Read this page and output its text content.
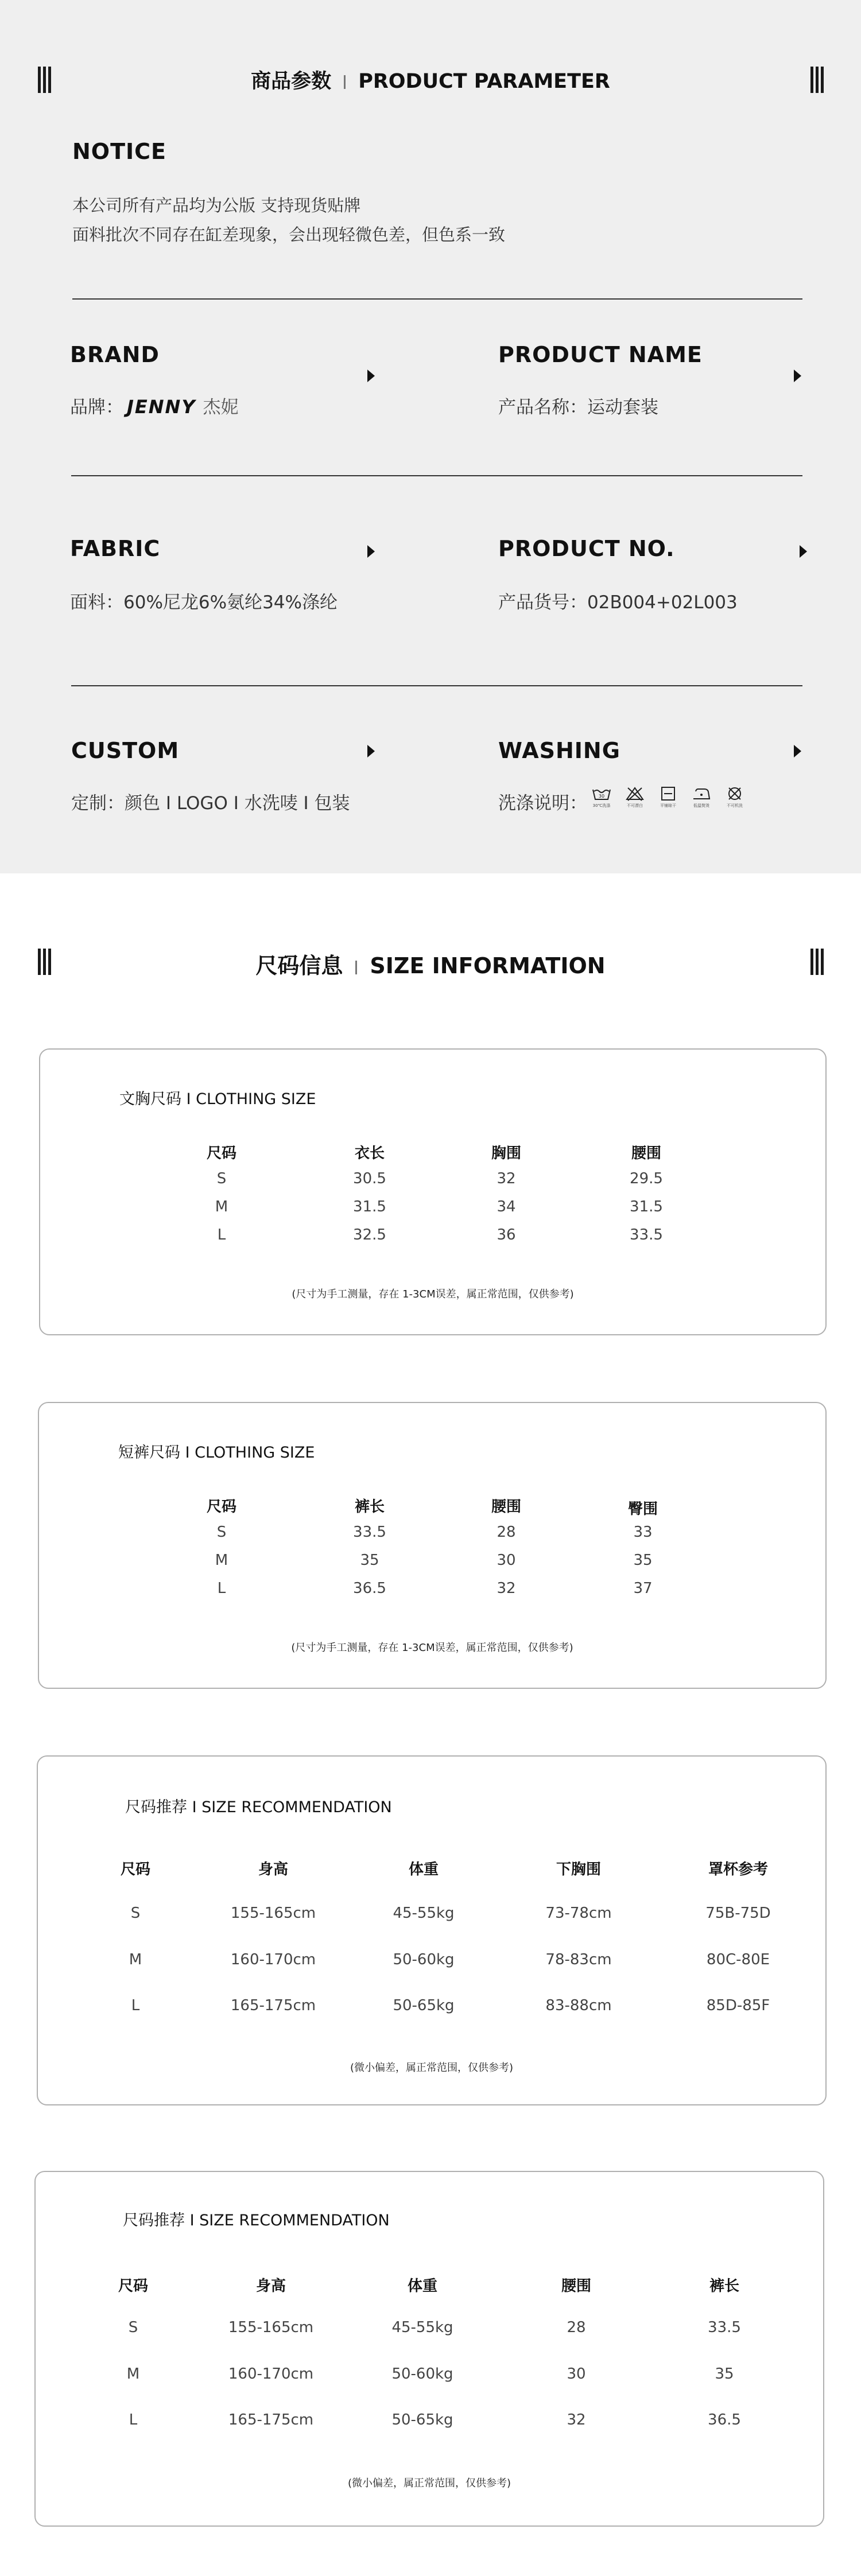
商品参数 PRODUCT PARAMETER
NOTICE
本公司所有产品均为公版 支持现货贴牌
面料批次不同存在缸差现象，会出现轻微色差，但色系一致
BRAND
品牌： JENNY 杰妮
PRODUCT NAME
产品名称：运动套装
FABRIC
面料：60%尼龙6%氨纶34%涤纶
PRODUCT NO.
产品货号：02B004+02L003
CUSTOM
定制：颜色 I LOGO I 水洗唛 I 包装
WASHING
洗涤说明： 30
30℃洗涤	不可漂白	平铺晾干	低温熨烫	不可机洗
尺码信息 SIZE INFORMATION
文胸尺码 I CLOTHING SIZE
尺码	衣长	胸围	腰围
S	30.5	32	29.5
M	31.5	34	31.5
L	32.5	36	33.5
(尺寸为手工测量，存在 1-3CM误差，属正常范围，仅供参考)
短裤尺码 I CLOTHING SIZE
尺码	裤长	腰围	臀围
S	33.5	28	33
M	35	30	35
L	36.5	32	37
(尺寸为手工测量，存在 1-3CM误差，属正常范围，仅供参考)
尺码推荐 I SIZE RECOMMENDATION
尺码	身高	体重	下胸围	罩杯参考
S	155-165cm	45-55kg	73-78cm	75B-75D
M	160-170cm	50-60kg	78-83cm	80C-80E
L	165-175cm	50-65kg	83-88cm	85D-85F
(微小偏差，属正常范围，仅供参考)
尺码推荐 I SIZE RECOMMENDATION
尺码	身高	体重	腰围	裤长
S	155-165cm	45-55kg	28	33.5
M	160-170cm	50-60kg	30	35
L	165-175cm	50-65kg	32	36.5
(微小偏差，属正常范围，仅供参考)
